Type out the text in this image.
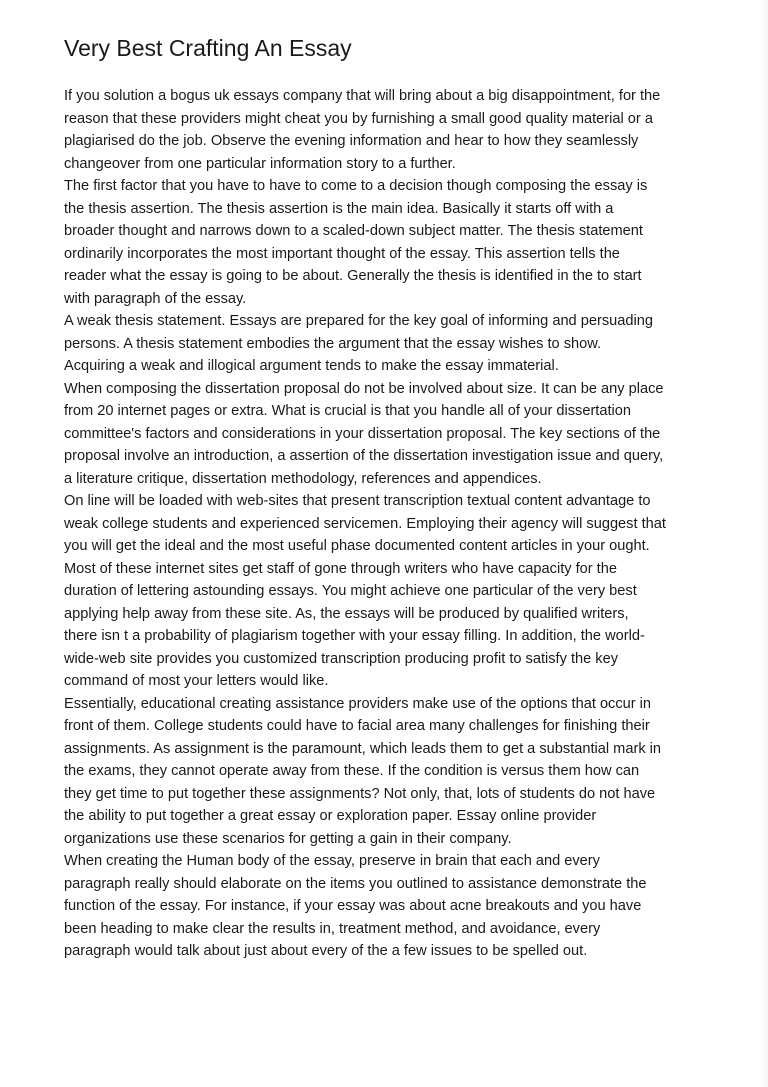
Very Best Crafting An Essay
If you solution a bogus uk essays company that will bring about a big disappointment, for the
reason that these providers might cheat you by furnishing a small good quality material or a
plagiarised do the job. Observe the evening information and hear to how they seamlessly
changeover from one particular information story to a further.
The first factor that you have to have to come to a decision though composing the essay is
the thesis assertion. The thesis assertion is the main idea. Basically it starts off with a
broader thought and narrows down to a scaled-down subject matter. The thesis statement
ordinarily incorporates the most important thought of the essay. This assertion tells the
reader what the essay is going to be about. Generally the thesis is identified in the to start
with paragraph of the essay.
A weak thesis statement. Essays are prepared for the key goal of informing and persuading
persons. A thesis statement embodies the argument that the essay wishes to show.
Acquiring a weak and illogical argument tends to make the essay immaterial.
When composing the dissertation proposal do not be involved about size. It can be any place
from 20 internet pages or extra. What is crucial is that you handle all of your dissertation
committee's factors and considerations in your dissertation proposal. The key sections of the
proposal involve an introduction, a assertion of the dissertation investigation issue and query,
a literature critique, dissertation methodology, references and appendices.
On line will be loaded with web-sites that present transcription textual content advantage to
weak college students and experienced servicemen. Employing their agency will suggest that
you will get the ideal and the most useful phase documented content articles in your ought.
Most of these internet sites get staff of gone through writers who have capacity for the
duration of lettering astounding essays. You might achieve one particular of the very best
applying help away from these site. As, the essays will be produced by qualified writers,
there isn t a probability of plagiarism together with your essay filling. In addition, the world-
wide-web site provides you customized transcription producing profit to satisfy the key
command of most your letters would like.
Essentially, educational creating assistance providers make use of the options that occur in
front of them. College students could have to facial area many challenges for finishing their
assignments. As assignment is the paramount, which leads them to get a substantial mark in
the exams, they cannot operate away from these. If the condition is versus them how can
they get time to put together these assignments? Not only, that, lots of students do not have
the ability to put together a great essay or exploration paper. Essay online provider
organizations use these scenarios for getting a gain in their company.
When creating the Human body of the essay, preserve in brain that each and every
paragraph really should elaborate on the items you outlined to assistance demonstrate the
function of the essay. For instance, if your essay was about acne breakouts and you have
been heading to make clear the results in, treatment method, and avoidance, every
paragraph would talk about just about every of the a few issues to be spelled out.
